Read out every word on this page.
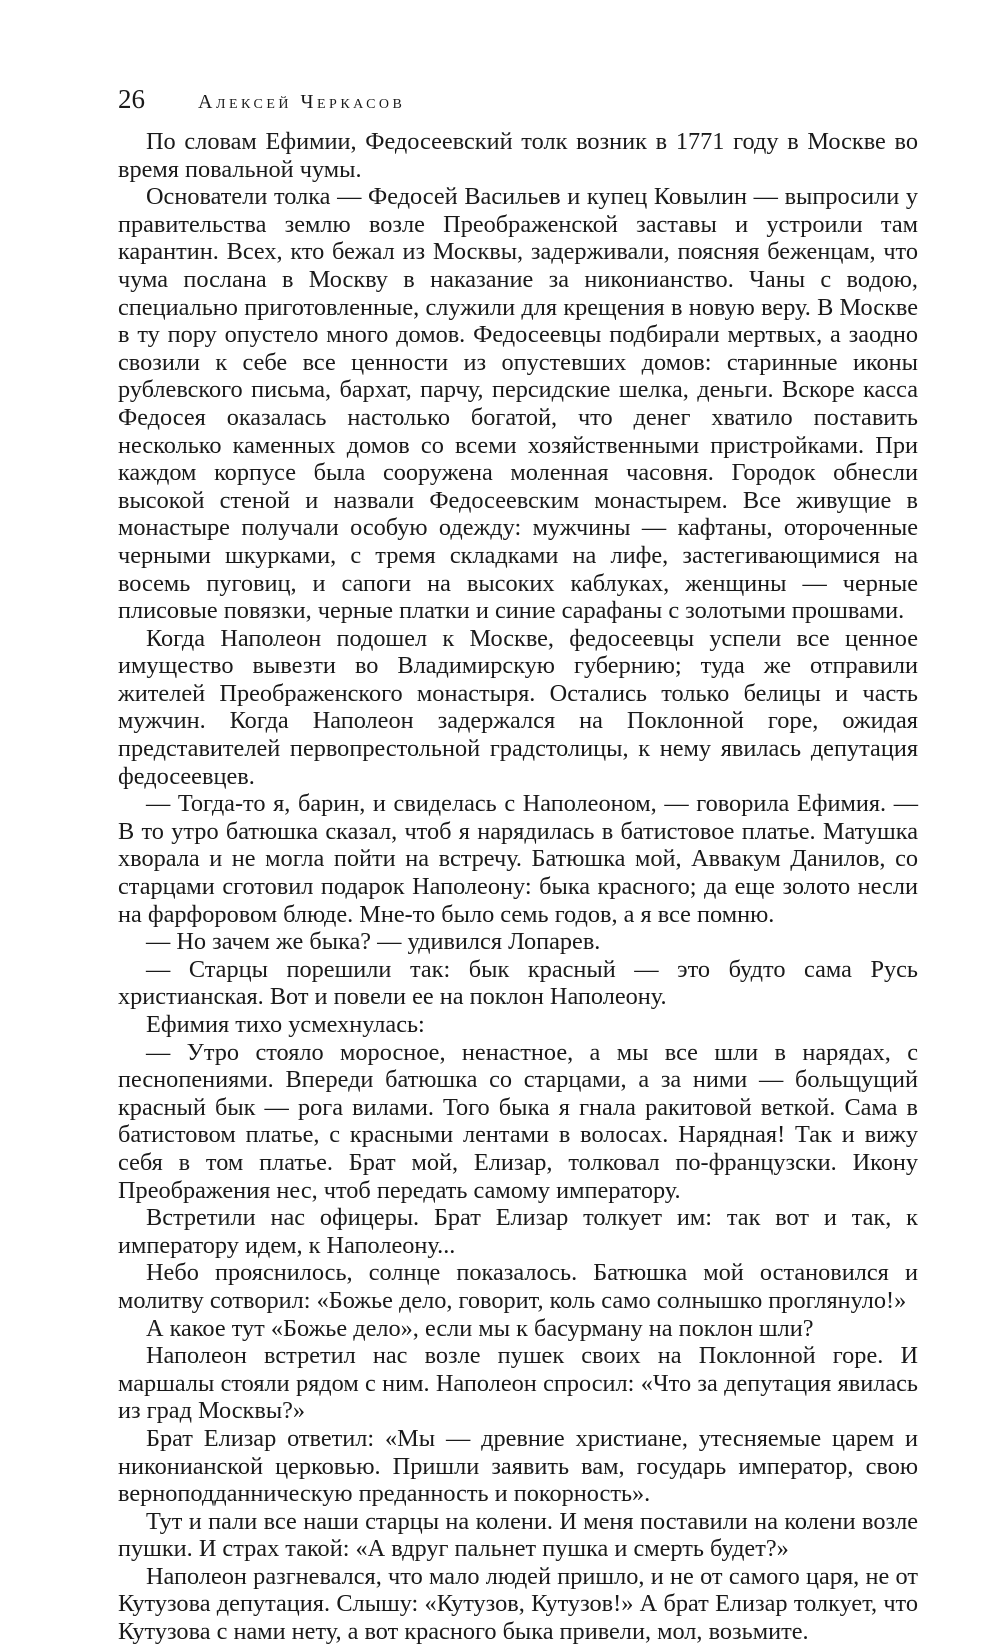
26	Алексей Черкасов

По словам Ефимии, Федосеевский толк возник в 1771 году в Москве во время повальной чумы.

Основатели толка — Федосей Васильев и купец Ковылин — выпросили у правительства землю возле Преображенской заставы и устроили там карантин. Всех, кто бежал из Москвы, задерживали, поясняя беженцам, что чума послана в Москву в наказание за никонианство. Чаны с водою, специально приготовленные, служили для крещения в новую веру. В Москве в ту пору опустело много домов. Федосеевцы подбирали мертвых, а заодно свозили к себе все ценности из опустевших домов: старинные иконы рублевского письма, бархат, парчу, персидские шелка, деньги. Вскоре касса Федосея оказалась настолько богатой, что денег хватило поставить несколько каменных домов со всеми хозяйственными пристройками. При каждом корпусе была сооружена моленная часовня. Городок обнесли высокой стеной и назвали Федосеевским монастырем. Все живущие в монастыре получали особую одежду: мужчины — кафтаны, отороченные черными шкурками, с тремя складками на лифе, застегивающимися на восемь пуговиц, и сапоги на высоких каблуках, женщины — черные плисовые повязки, черные платки и синие сарафаны с золотыми прошвами.

Когда Наполеон подошел к Москве, федосеевцы успели все ценное имущество вывезти во Владимирскую губернию; туда же отправили жителей Преображенского монастыря. Остались только белицы и часть мужчин. Когда Наполеон задержался на Поклонной горе, ожидая представителей первопрестольной градстолицы, к нему явилась депутация федосеевцев.

— Тогда-то я, барин, и свиделась с Наполеоном, — говорила Ефимия. — В то утро батюшка сказал, чтоб я нарядилась в батистовое платье. Матушка хворала и не могла пойти на встречу. Батюшка мой, Аввакум Данилов, со старцами сготовил подарок Наполеону: быка красного; да еще золото несли на фарфоровом блюде. Мне-то было семь годов, а я все помню.

— Но зачем же быка? — удивился Лопарев.

— Старцы порешили так: бык красный — это будто сама Русь христианская. Вот и повели ее на поклон Наполеону.

Ефимия тихо усмехнулась:

— Утро стояло моросное, ненастное, а мы все шли в нарядах, с песнопениями. Впереди батюшка со старцами, а за ними — больщущий красный бык — рога вилами. Того быка я гнала ракитовой веткой. Сама в батистовом платье, с красными лентами в волосах. Нарядная! Так и вижу себя в том платье. Брат мой, Елизар, толковал по-французски. Икону Преображения нес, чтоб передать самому императору.

Встретили нас офицеры. Брат Елизар толкует им: так вот и так, к императору идем, к Наполеону...

Небо прояснилось, солнце показалось. Батюшка мой остановился и молитву сотворил: «Божье дело, говорит, коль само солнышко проглянуло!»

А какое тут «Божье дело», если мы к басурману на поклон шли?

Наполеон встретил нас возле пушек своих на Поклонной горе. И маршалы стояли рядом с ним. Наполеон спросил: «Что за депутация явилась из град Москвы?»

Брат Елизар ответил: «Мы — древние христиане, утесняемые царем и никонианской церковью. Пришли заявить вам, государь император, свою верноподданническую преданность и покорность».

Тут и пали все наши старцы на колени. И меня поставили на колени возле пушки. И страх такой: «А вдруг пальнет пушка и смерть будет?»

Наполеон разгневался, что мало людей пришло, и не от самого царя, не от Кутузова депутация. Слышу: «Кутузов, Кутузов!» А брат Елизар толкует, что Кутузова с нами нету, а вот красного быка привели, мол, возьмите.
